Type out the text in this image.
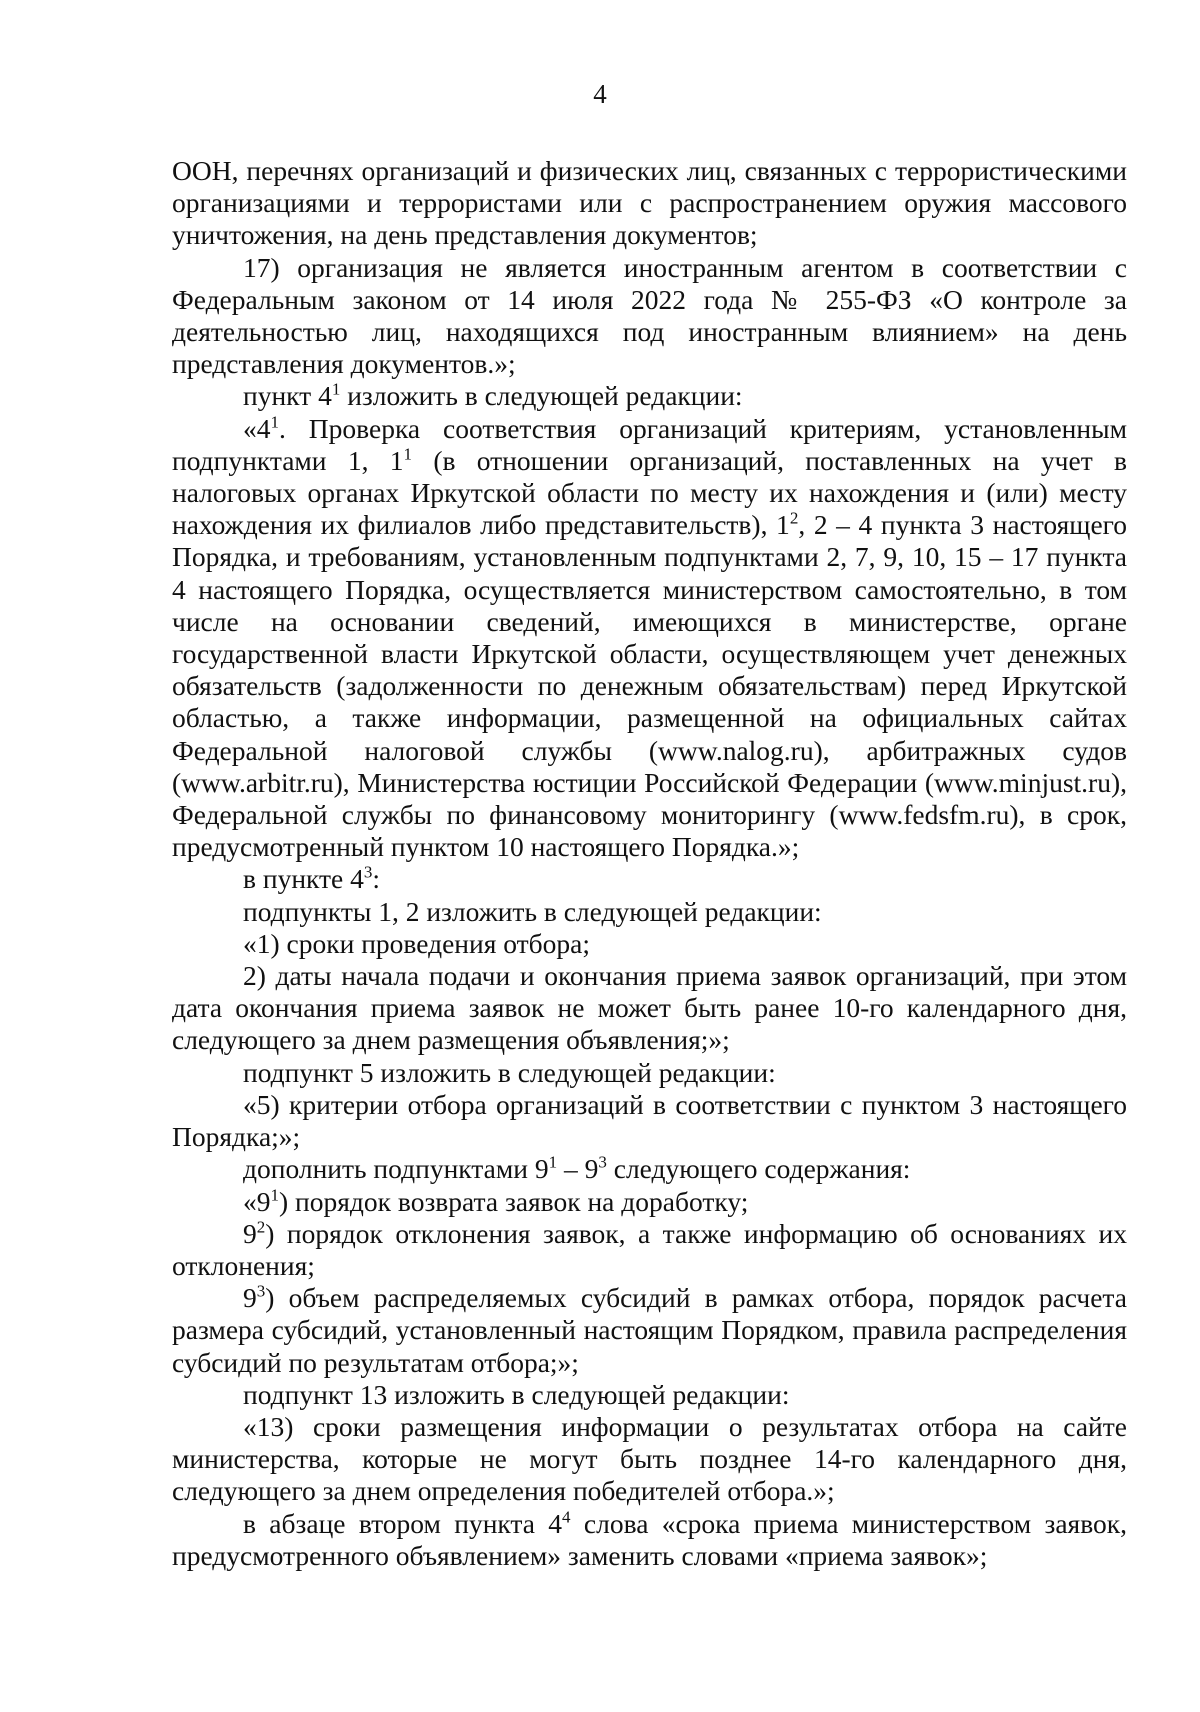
4

ООН, перечнях организаций и физических лиц, связанных с террористическими организациями и террористами или с распространением оружия массового уничтожения, на день представления документов;

17) организация не является иностранным агентом в соответствии с Федеральным законом от 14 июля 2022 года № 255-ФЗ «О контроле за деятельностью лиц, находящихся под иностранным влиянием» на день представления документов.»;

пункт $4^1$ изложить в следующей редакции:

«$4^1$. Проверка соответствия организаций критериям, установленным подпунктами 1, $1^1$ (в отношении организаций, поставленных на учет в налоговых органах Иркутской области по месту их нахождения и (или) месту нахождения их филиалов либо представительств), $1^2$, 2 – 4 пункта 3 настоящего Порядка, и требованиям, установленным подпунктами 2, 7, 9, 10, 15 – 17 пункта 4 настоящего Порядка, осуществляется министерством самостоятельно, в том числе на основании сведений, имеющихся в министерстве, органе государственной власти Иркутской области, осуществляющем учет денежных обязательств (задолженности по денежным обязательствам) перед Иркутской областью, а также информации, размещенной на официальных сайтах Федеральной налоговой службы (www.nalog.ru), арбитражных судов (www.arbitr.ru), Министерства юстиции Российской Федерации (www.minjust.ru), Федеральной службы по финансовому мониторингу (www.fedsfm.ru), в срок, предусмотренный пунктом 10 настоящего Порядка.»;

в пункте $4^3$:

подпункты 1, 2 изложить в следующей редакции:

«1) сроки проведения отбора;

2) даты начала подачи и окончания приема заявок организаций, при этом дата окончания приема заявок не может быть ранее 10-го календарного дня, следующего за днем размещения объявления;»;

подпункт 5 изложить в следующей редакции:

«5) критерии отбора организаций в соответствии с пунктом 3 настоящего Порядка;»;

дополнить подпунктами $9^1 - 9^3$ следующего содержания:

«$9^1$) порядок возврата заявок на доработку;

$9^2$) порядок отклонения заявок, а также информацию об основаниях их отклонения;

$9^3$) объем распределяемых субсидий в рамках отбора, порядок расчета размера субсидий, установленный настоящим Порядком, правила распределения субсидий по результатам отбора;»;

подпункт 13 изложить в следующей редакции:

«13) сроки размещения информации о результатах отбора на сайте министерства, которые не могут быть позднее 14-го календарного дня, следующего за днем определения победителей отбора.»;

в абзаце втором пункта $4^4$ слова «срока приема министерством заявок, предусмотренного объявлением» заменить словами «приема заявок»;
